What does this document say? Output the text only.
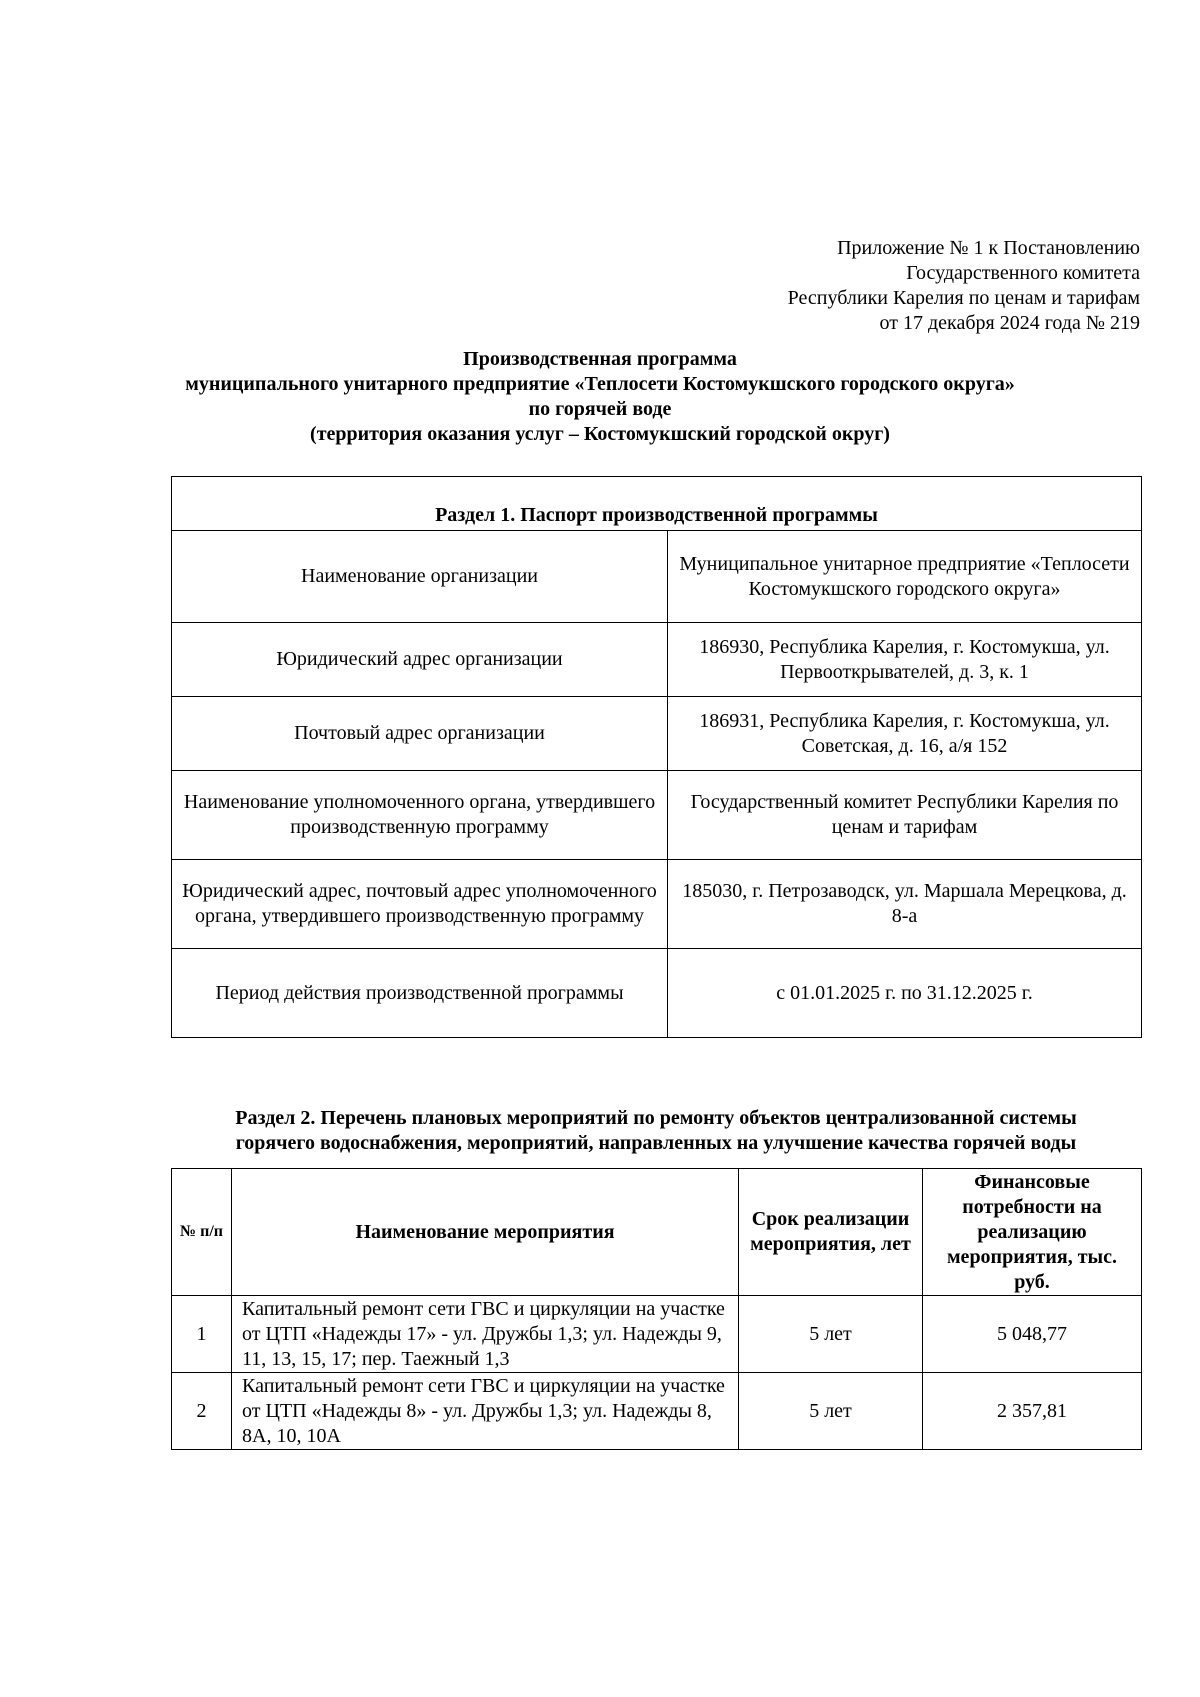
Приложение № 1 к Постановлению
Государственного комитета
Республики Карелия по ценам и тарифам
от 17 декабря 2024 года № 219
Производственная программа
муниципального унитарного предприятие «Теплосети Костомукшского городского округа»
по горячей воде
(территория оказания услуг – Костомукшский городской округ)
Раздел 1. Паспорт производственной программы	
Наименование организации	Муниципальное унитарное предприятие «Теплосети Костомукшского городского округа»
Юридический адрес организации	186930, Республика Карелия, г. Костомукша, ул. Первооткрывателей, д. 3, к. 1
Почтовый адрес организации	186931, Республика Карелия, г. Костомукша, ул. Советская, д. 16, а/я 152
Наименование уполномоченного органа, утвердившего производственную программу	Государственный комитет Республики Карелия по ценам и тарифам
Юридический адрес, почтовый адрес уполномоченного органа, утвердившего производственную программу	185030, г. Петрозаводск, ул. Маршала Мерецкова, д. 8-а
Период действия производственной программы	с 01.01.2025 г. по 31.12.2025 г.
Раздел 2. Перечень плановых мероприятий по ремонту объектов централизованной системы
горячего водоснабжения, мероприятий, направленных на улучшение качества горячей воды
№ п/п	Наименование мероприятия	Срок реализации мероприятия, лет	Финансовые потребности на реализацию мероприятия, тыс. руб.
1	Капитальный ремонт сети ГВС и циркуляции на участке от ЦТП «Надежды 17» - ул. Дружбы 1,3; ул. Надежды 9, 11, 13, 15, 17; пер. Таежный 1,3	5 лет	5 048,77
2	Капитальный ремонт сети ГВС и циркуляции на участке от ЦТП «Надежды 8» - ул. Дружбы 1,3; ул. Надежды 8, 8А, 10, 10А	5 лет	2 357,81
